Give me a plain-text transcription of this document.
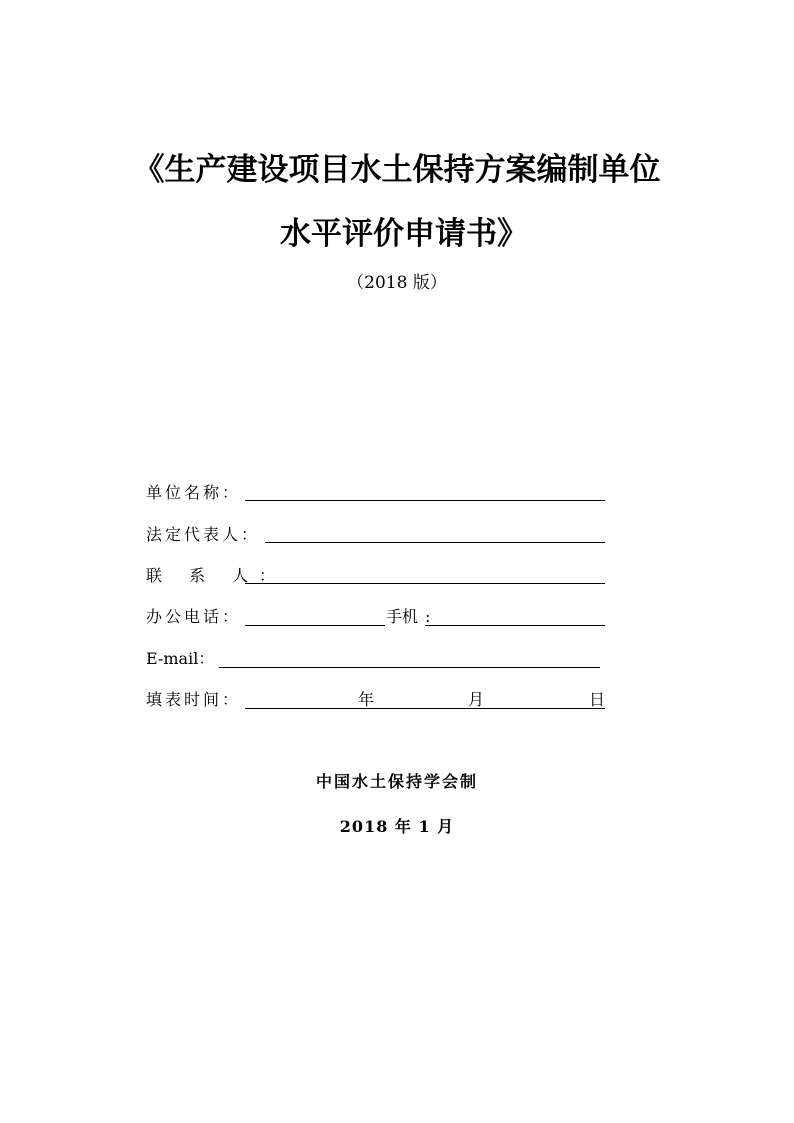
《生产建设项目水土保持方案编制单位
水平评价申请书》
（2018 版）
单位名称：
法定代表人：
联 系 人：
办公电话：	手机 :
E-mail：
填表时间：	年	月	日
中国水土保持学会制
2018 年 1 月
